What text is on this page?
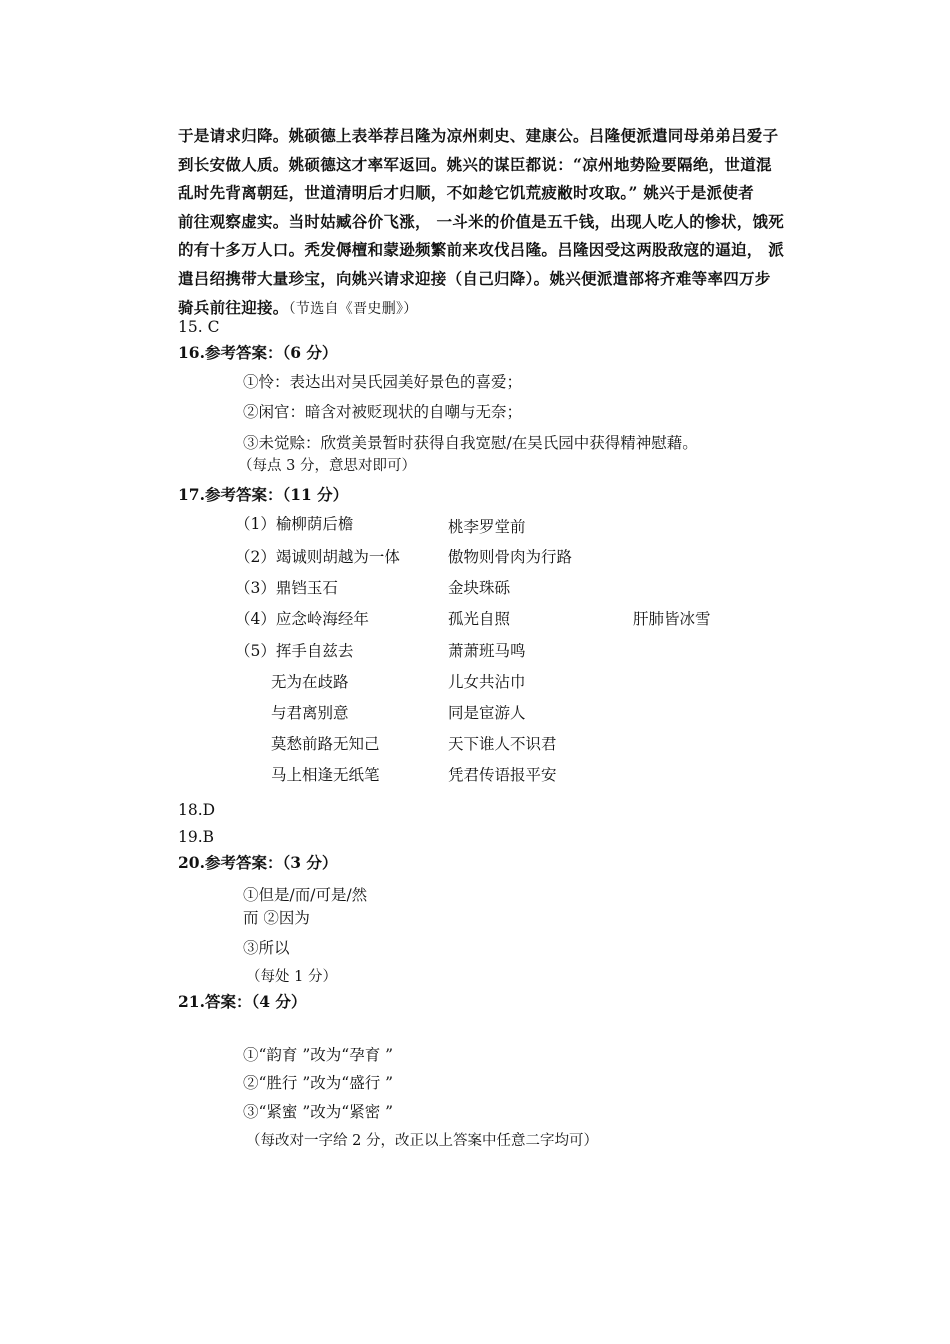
于是请求归降。姚硕德上表举荐吕隆为凉州刺史、建康公。吕隆便派遣同母弟弟吕爱子
到长安做人质。姚硕德这才率军返回。姚兴的谋臣都说：“凉州地势险要隔绝，世道混
乱时先背离朝廷，世道清明后才归顺，不如趁它饥荒疲敝时攻取。” 姚兴于是派使者
前往观察虚实。当时姑臧谷价飞涨， 一斗米的价值是五千钱，出现人吃人的惨状，饿死
的有十多万人口。秃发傉檀和蒙逊频繁前来攻伐吕隆。吕隆因受这两股敌寇的逼迫， 派
遣吕绍携带大量珍宝，向姚兴请求迎接（自己归降）。姚兴便派遣部将齐难等率四万步
骑兵前往迎接。（节选自《晋史删》）
15. C
16.参考答案：（6 分）
①怜：表达出对吴氏园美好景色的喜爱；
②闲官：暗含对被贬现状的自嘲与无奈；
③未觉赊：欣赏美景暂时获得自我宽慰/在吴氏园中获得精神慰藉。
（每点 3 分，意思对即可）
17.参考答案：（11 分）
（1）榆柳荫后檐	桃李罗堂前
（2）竭诚则胡越为一体	傲物则骨肉为行路
（3）鼎铛玉石	金块珠砾
（4）应念岭海经年	孤光自照	肝肺皆冰雪
（5）挥手自兹去	萧萧班马鸣
无为在歧路	儿女共沾巾
与君离别意	同是宦游人
莫愁前路无知己	天下谁人不识君
马上相逢无纸笔	凭君传语报平安
18.D
19.B
20.参考答案：（3 分）
①但是/而/可是/然
而 ②因为
③所以
（每处 1 分）
21.答案：（4 分）
①“韵育 ”改为“孕育 ”
②“胜行 ”改为“盛行 ”
③“紧蜜 ”改为“紧密 ”
（每改对一字给 2 分，改正以上答案中任意二字均可）
